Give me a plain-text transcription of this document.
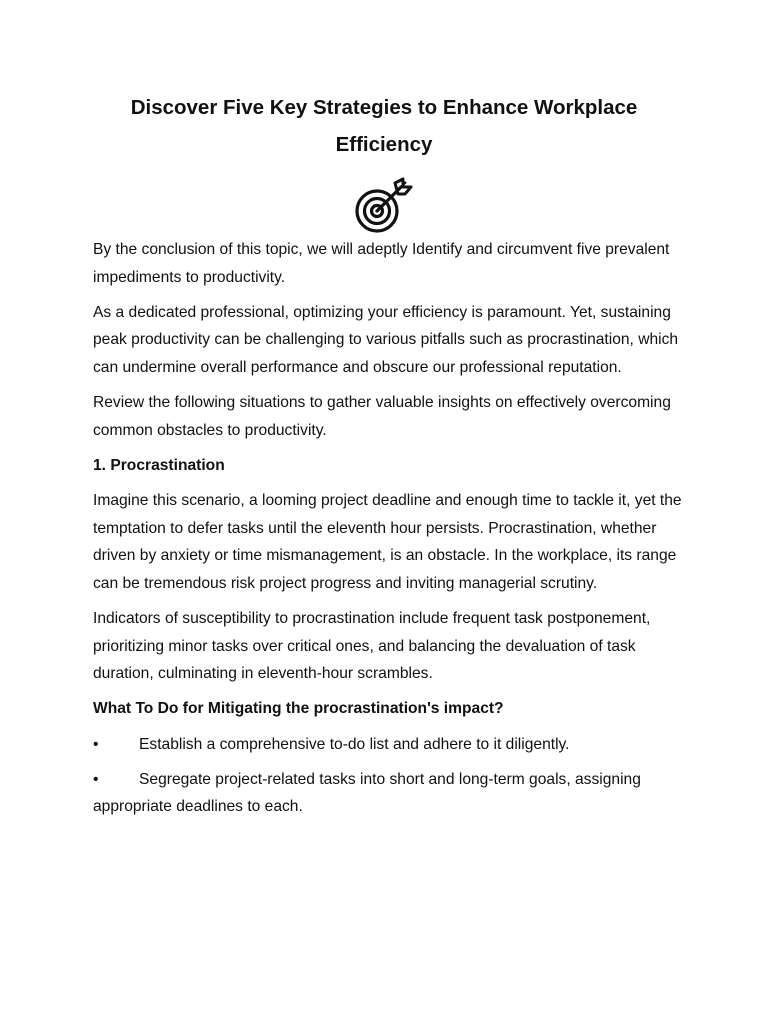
Discover Five Key Strategies to Enhance Workplace Efficiency

By the conclusion of this topic, we will adeptly Identify and circumvent five prevalent impediments to productivity.

As a dedicated professional, optimizing your efficiency is paramount. Yet, sustaining peak productivity can be challenging to various pitfalls such as procrastination, which can undermine overall performance and obscure our professional reputation.

Review the following situations to gather valuable insights on effectively overcoming common obstacles to productivity.

1. Procrastination

Imagine this scenario, a looming project deadline and enough time to tackle it, yet the temptation to defer tasks until the eleventh hour persists. Procrastination, whether driven by anxiety or time mismanagement, is an obstacle. In the workplace, its range can be tremendous risk project progress and inviting managerial scrutiny.

Indicators of susceptibility to procrastination include frequent task postponement, prioritizing minor tasks over critical ones, and balancing the devaluation of task duration, culminating in eleventh-hour scrambles.

What To Do for Mitigating the procrastination's impact?

•	Establish a comprehensive to-do list and adhere to it diligently.

•	Segregate project-related tasks into short and long-term goals, assigning appropriate deadlines to each.
